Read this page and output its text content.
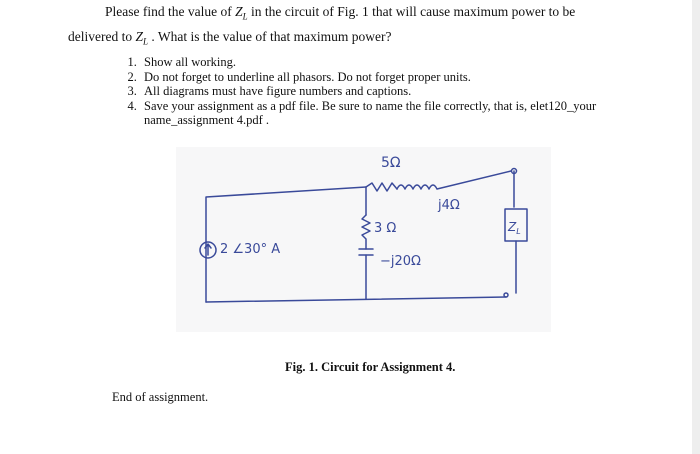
Please find the value of $Z_L$ in the circuit of Fig. 1 that will cause maximum power to be
delivered to $Z_L$ . What is the value of that maximum power?
1. Show all working.
2. Do not forget to underline all phasors. Do not forget proper units.
3. All diagrams must have figure numbers and captions.
4. Save your assignment as a pdf file. Be sure to name the file correctly, that is, elet120_your name_assignment 4.pdf .
5Ω
j4Ω
3 Ω
−j20Ω
2 ∠30° A
$Z_L$
Fig. 1. Circuit for Assignment 4.
End of assignment.
